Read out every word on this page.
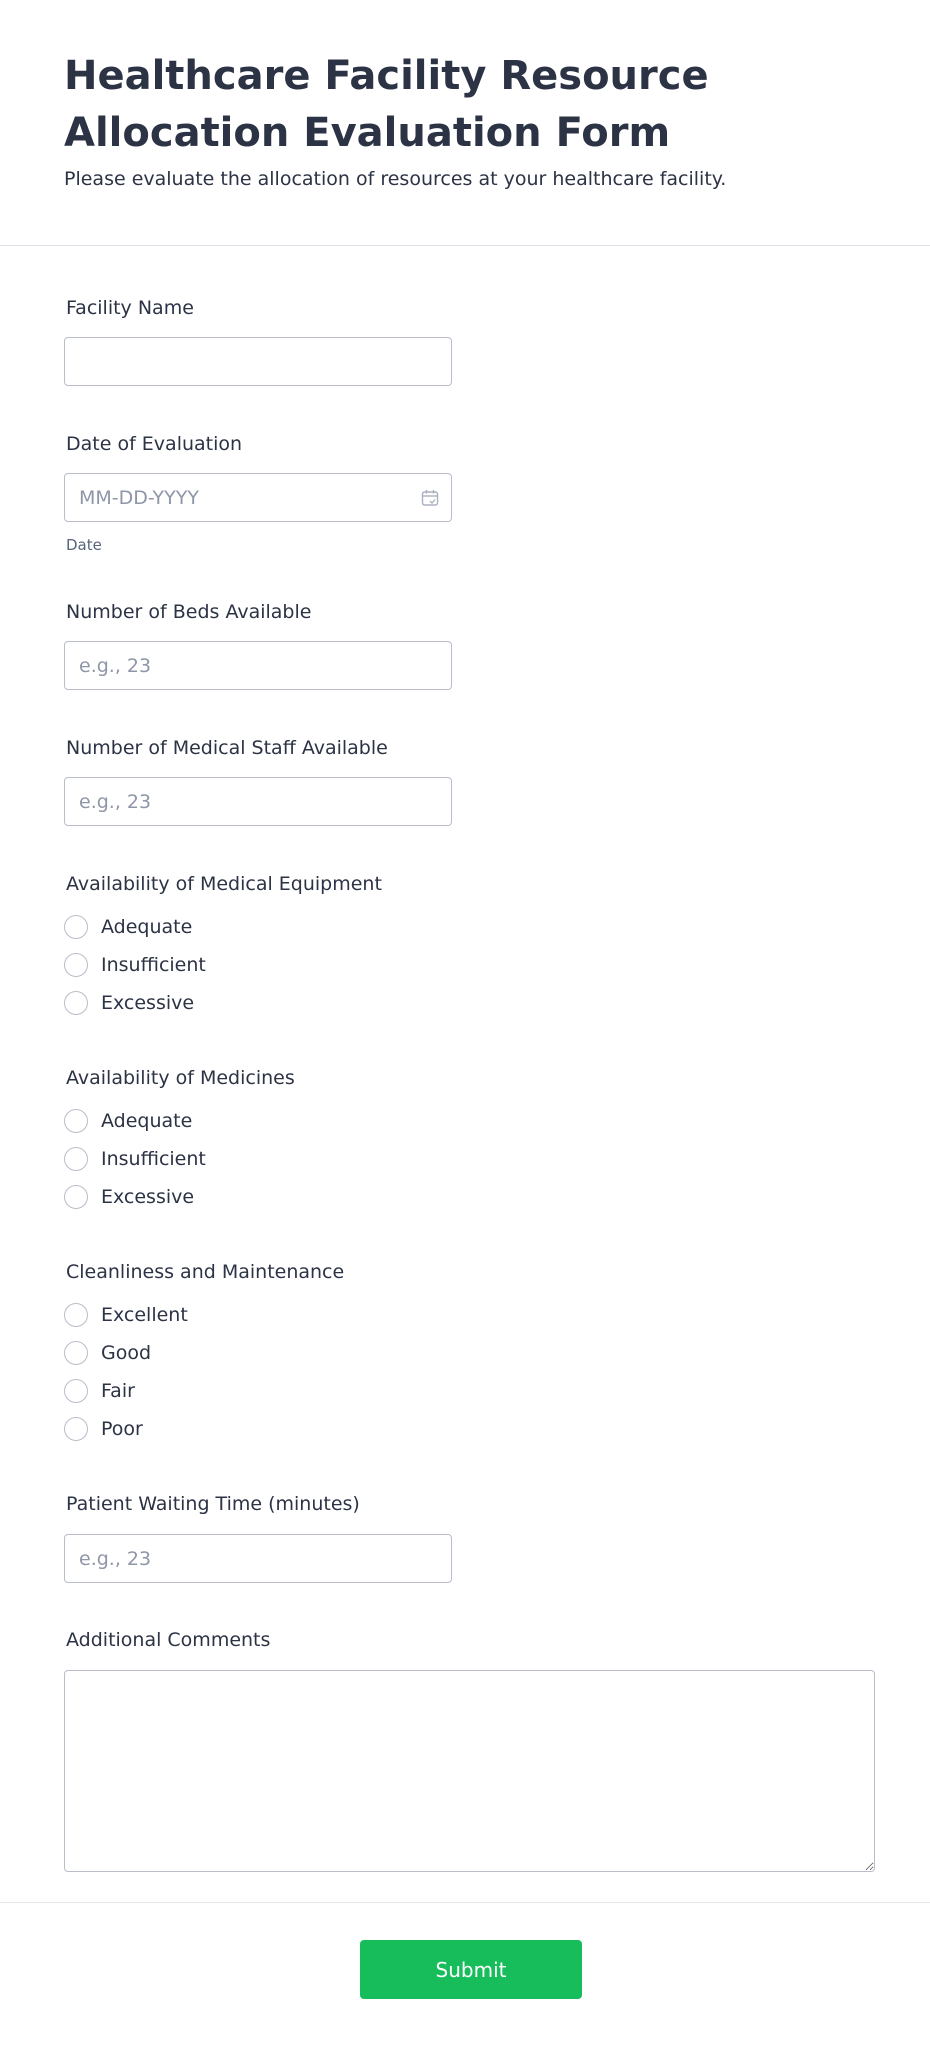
Healthcare Facility Resource Allocation Evaluation Form

Please evaluate the allocation of resources at your healthcare facility.

Facility Name
Date of Evaluation
MM-DD-YYYY
Date
Number of Beds Available
e.g., 23
Number of Medical Staff Available
e.g., 23
Availability of Medical Equipment
Adequate
Insufficient
Excessive
Availability of Medicines
Adequate
Insufficient
Excessive
Cleanliness and Maintenance
Excellent
Good
Fair
Poor
Patient Waiting Time (minutes)
e.g., 23
Additional Comments
Submit
